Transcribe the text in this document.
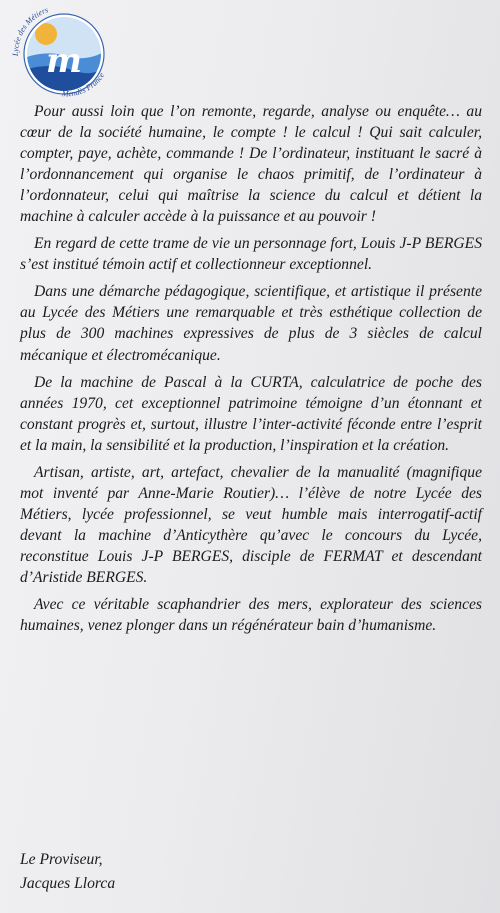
m
Lycée des Métiers
Mendès France

Pour aussi loin que l’on remonte, regarde, analyse ou enquête… au cœur de la société humaine, le compte ! le calcul ! Qui sait calculer, compter, paye, achète, commande ! De l’ordinateur, instituant le sacré à l’ordonnancement qui organise le chaos primitif, de l’ordinateur à l’ordonnateur, celui qui maîtrise la science du calcul et détient la machine à calculer accède à la puissance et au pouvoir !

En regard de cette trame de vie un personnage fort, Louis J-P BERGES s’est institué témoin actif et collectionneur exceptionnel.

Dans une démarche pédagogique, scientifique, et artistique il présente au Lycée des Métiers une remarquable et très esthétique collection de plus de 300 machines expressives de plus de 3 siècles de calcul mécanique et électromécanique.

De la machine de Pascal à la CURTA, calculatrice de poche des années 1970, cet exceptionnel patrimoine témoigne d’un étonnant et constant progrès et, surtout, illustre l’inter-activité féconde entre l’esprit et la main, la sensibilité et la production, l’inspiration et la création.

Artisan, artiste, art, artefact, chevalier de la manualité (magnifique mot inventé par Anne-Marie Routier)… l’élève de notre Lycée des Métiers, lycée professionnel, se veut humble mais interrogatif-actif devant la machine d’Anticythère qu’avec le concours du Lycée, reconstitue Louis J-P BERGES, disciple de FERMAT et descendant d’Aristide BERGES.

Avec ce véritable scaphandrier des mers, explorateur des sciences humaines, venez plonger dans un régénérateur bain d’humanisme.

Le Proviseur,
Jacques Llorca
